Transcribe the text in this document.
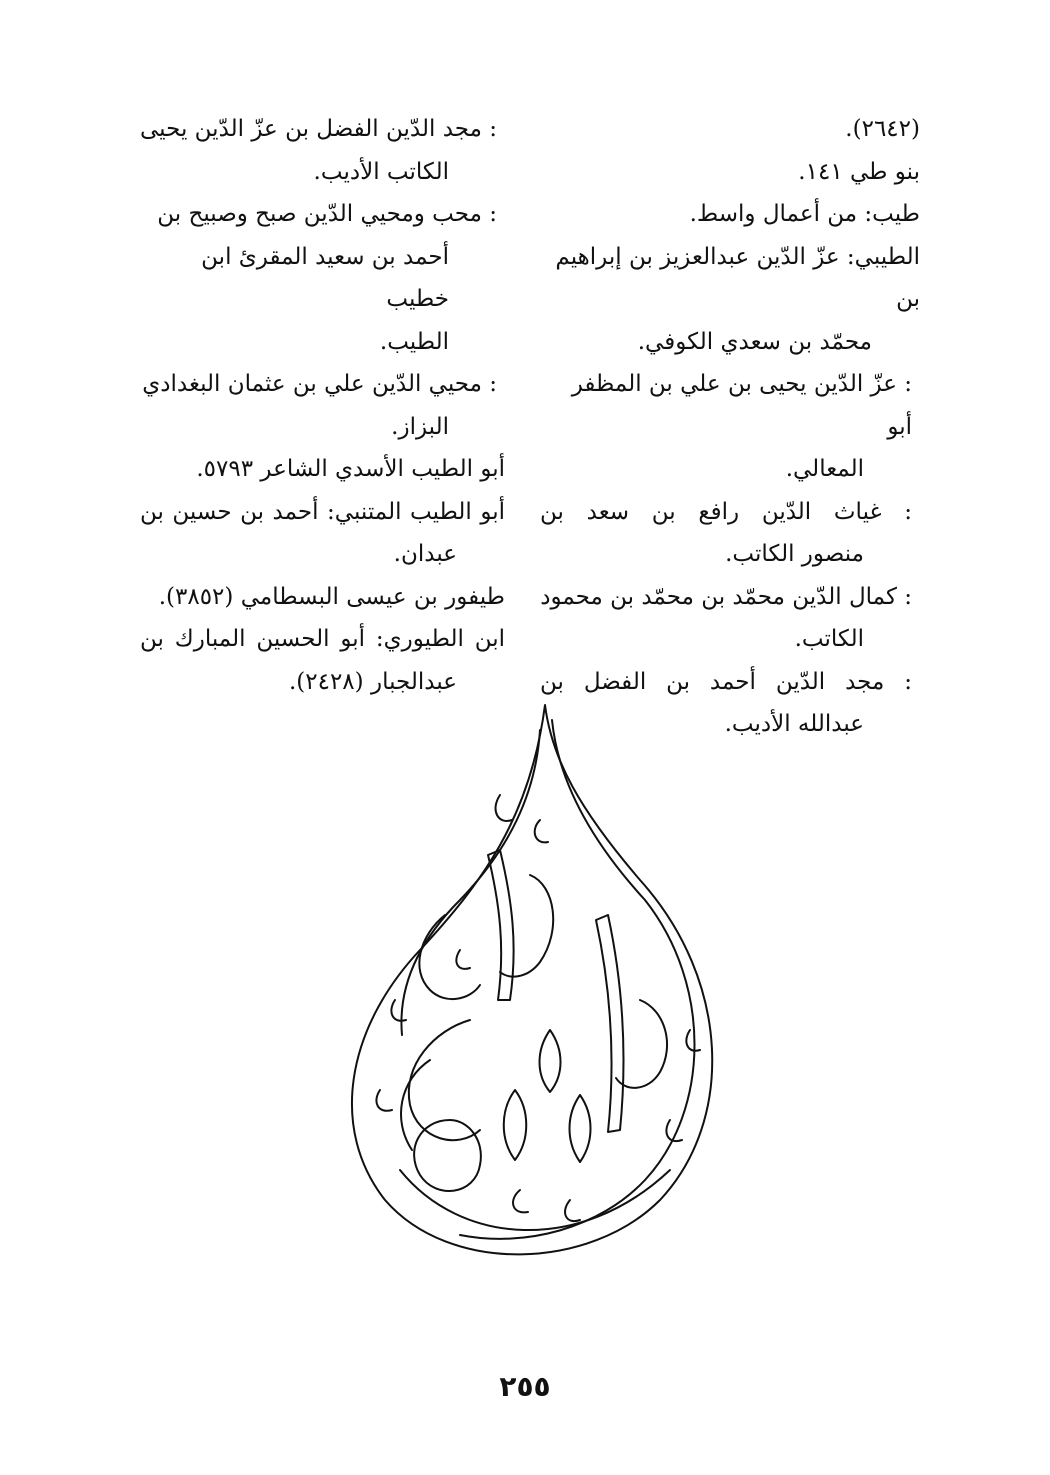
(٢٦٤٢).

بنو طي ١٤١.

طيب: من أعمال واسط.

الطيبي: عزّ الدّين عبدالعزيز بن إبراهيم بن
محمّد بن سعدي الكوفي.

: عزّ الدّين يحيى بن علي بن المظفر أبو
المعالي.

: غياث الدّين رافع بن سعد بن
منصور الكاتب.

: كمال الدّين محمّد بن محمّد بن محمود
الكاتب.

: مجد الدّين أحمد بن الفضل بن
عبدالله الأديب.

: مجد الدّين الفضل بن عزّ الدّين يحيى
الكاتب الأديب.

: محب ومحيي الدّين صبح وصبيح بن
أحمد بن سعيد المقرئ ابن خطيب
الطيب.

: محيي الدّين علي بن عثمان البغدادي
البزاز.

أبو الطيب الأسدي الشاعر ٥٧٩٣.

أبو الطيب المتنبي: أحمد بن حسين بن
عبدان.

طيفور بن عيسى البسطامي (٣٨٥٢).

ابن الطيوري: أبو الحسين المبارك بن
عبدالجبار (٢٤٢٨).

٢٥٥
